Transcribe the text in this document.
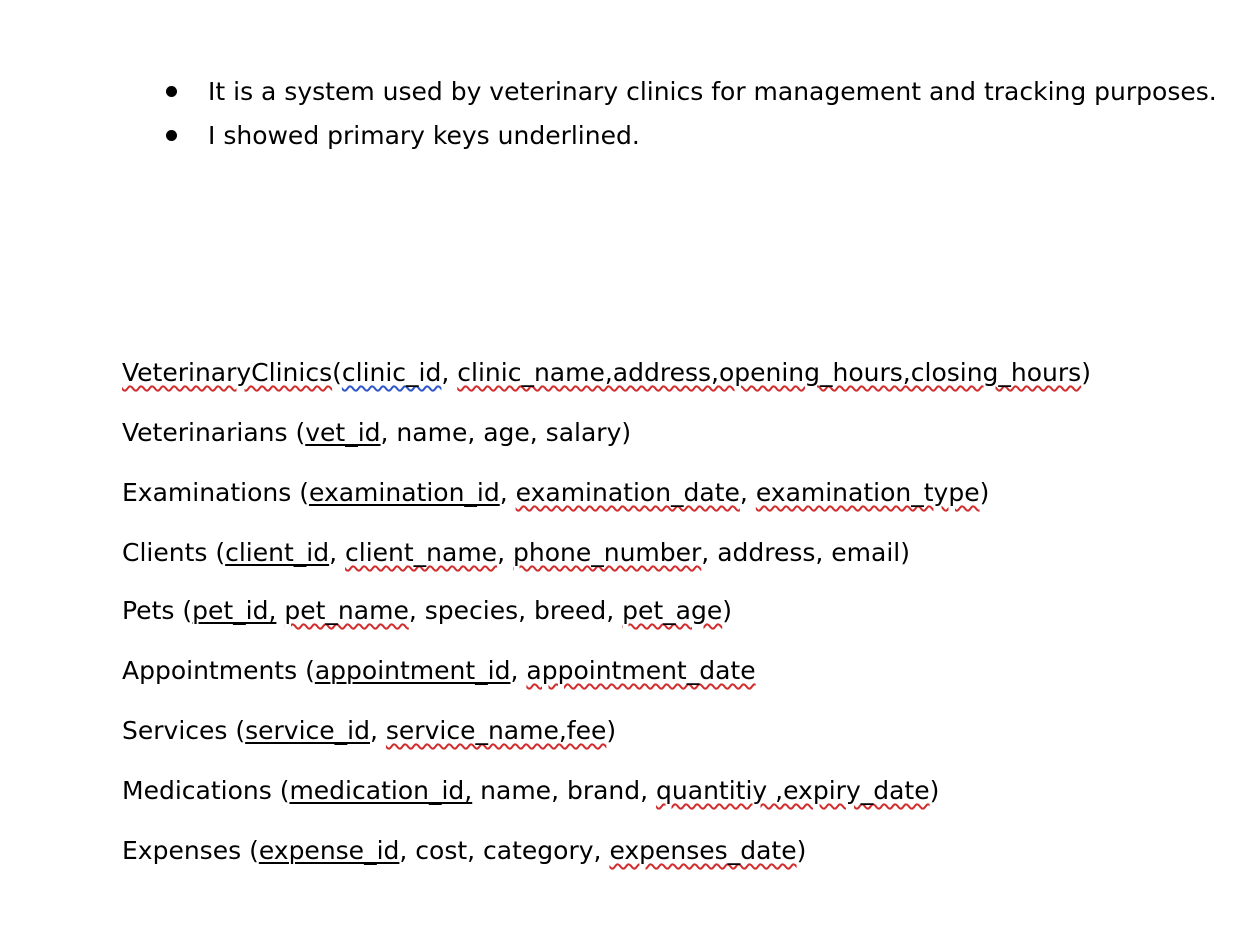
It is a system used by veterinary clinics for management and tracking purposes.
I showed primary keys underlined.
VeterinaryClinics(clinic_id, clinic_name,address,opening_hours,closing_hours)
Veterinarians (vet_id, name, age, salary)
Examinations (examination_id, examination_date, examination_type)
Clients (client_id, client_name, phone_number, address, email)
Pets (pet_id, pet_name, species, breed, pet_age)
Appointments (appointment_id, appointment_date
Services (service_id, service_name,fee)
Medications (medication_id, name, brand, quantitiy ,expiry_date)
Expenses (expense_id, cost, category, expenses_date)
